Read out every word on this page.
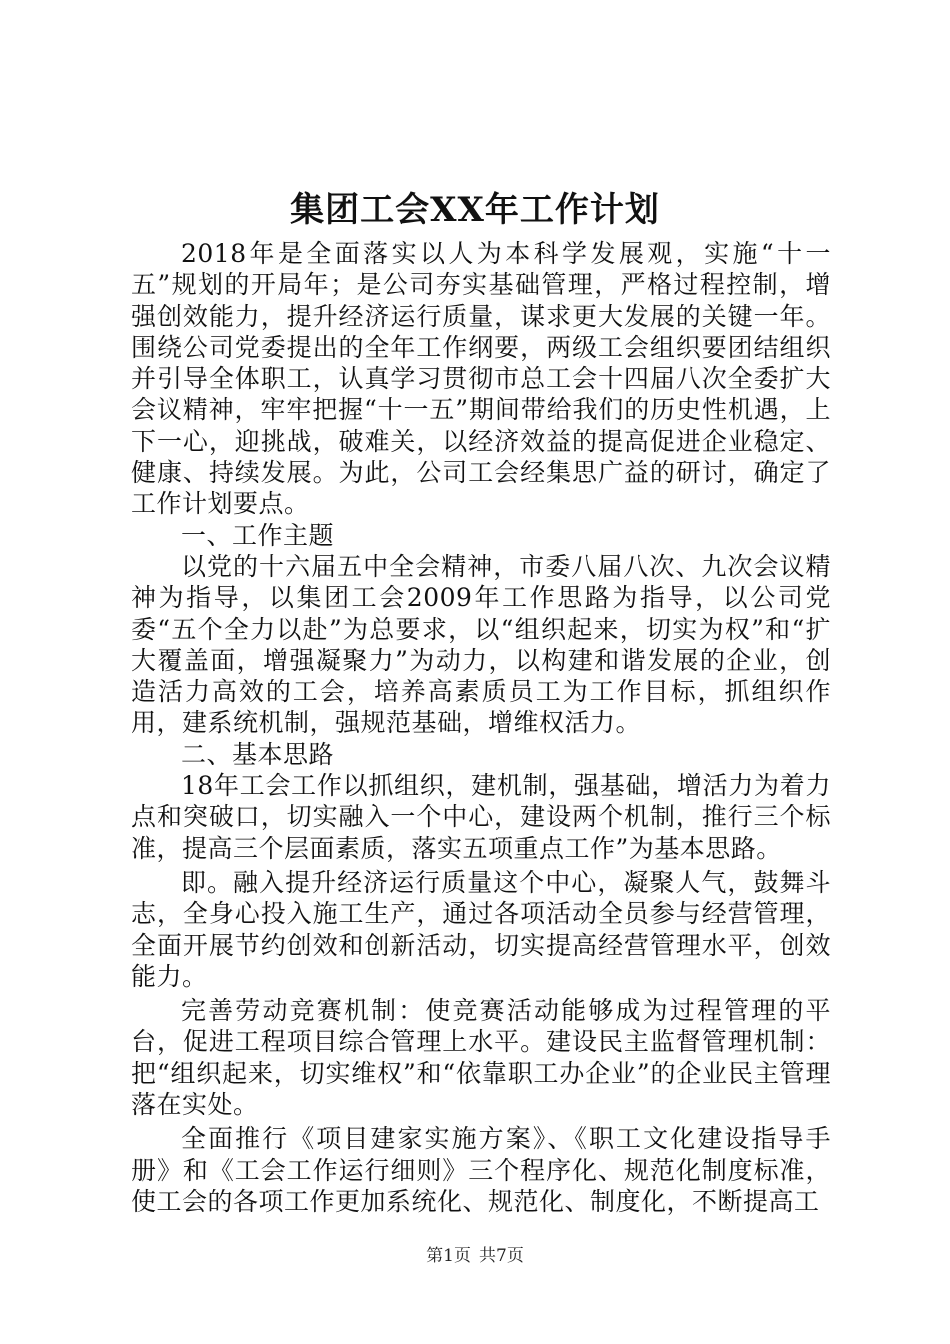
集团工会XX年工作计划

2018年是全面落实以人为本科学发展观，实施“十一五”规划的开局年；是公司夯实基础管理，严格过程控制，增强创效能力，提升经济运行质量，谋求更大发展的关键一年。围绕公司党委提出的全年工作纲要，两级工会组织要团结组织并引导全体职工，认真学习贯彻市总工会十四届八次全委扩大会议精神，牢牢把握“十一五”期间带给我们的历史性机遇，上下一心，迎挑战，破难关，以经济效益的提高促进企业稳定、健康、持续发展。为此，公司工会经集思广益的研讨，确定了工作计划要点。

一、工作主题

以党的十六届五中全会精神，市委八届八次、九次会议精神为指导，以集团工会2009年工作思路为指导，以公司党委“五个全力以赴”为总要求，以“组织起来，切实为权”和“扩大覆盖面，增强凝聚力”为动力，以构建和谐发展的企业，创造活力高效的工会，培养高素质员工为工作目标，抓组织作用，建系统机制，强规范基础，增维权活力。

二、基本思路

18年工会工作以抓组织，建机制，强基础，增活力为着力点和突破口，切实融入一个中心，建设两个机制，推行三个标准，提高三个层面素质，落实五项重点工作”为基本思路。

即。融入提升经济运行质量这个中心，凝聚人气，鼓舞斗志，全身心投入施工生产，通过各项活动全员参与经营管理，全面开展节约创效和创新活动，切实提高经营管理水平，创效能力。

完善劳动竞赛机制：使竞赛活动能够成为过程管理的平台，促进工程项目综合管理上水平。建设民主监督管理机制：把“组织起来，切实维权”和“依靠职工办企业”的企业民主管理落在实处。

全面推行《项目建家实施方案》、《职工文化建设指导手册》和《工会工作运行细则》三个程序化、规范化制度标准，使工会的各项工作更加系统化、规范化、制度化，不断提高工

第1页 共7页
